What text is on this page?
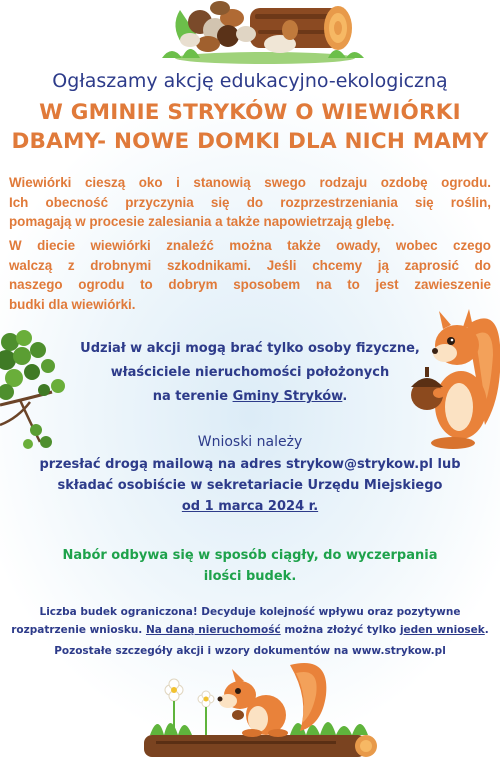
Ogłaszamy akcję edukacyjno-ekologiczną
W GMINIE STRYKÓW O WIEWIÓRKI
DBAMY- NOWE DOMKI DLA NICH MAMY
Wiewiórki cieszą oko i stanowią swego rodzaju ozdobę ogrodu.
Ich obecność przyczynia się do rozprzestrzeniania się roślin,
pomagają w procesie zalesiania a także napowietrzają glebę.
W diecie wiewiórki znaleźć można także owady, wobec czego
walczą z drobnymi szkodnikami. Jeśli chcemy ją zaprosić do
naszego ogrodu to dobrym sposobem na to jest zawieszenie
budki dla wiewiórki.
Udział w akcji mogą brać tylko osoby fizyczne,
właściciele nieruchomości położonych
na terenie Gminy Stryków.
Wnioski należy
przesłać drogą mailową na adres strykow@strykow.pl lub
składać osobiście w sekretariacie Urzędu Miejskiego
od 1 marca 2024 r.
Nabór odbywa się w sposób ciągły, do wyczerpania
ilości budek.
Liczba budek ograniczona! Decyduje kolejność wpływu oraz pozytywne
rozpatrzenie wniosku. Na daną nieruchomość można złożyć tylko jeden wniosek.
Pozostałe szczegóły akcji i wzory dokumentów na www.strykow.pl
